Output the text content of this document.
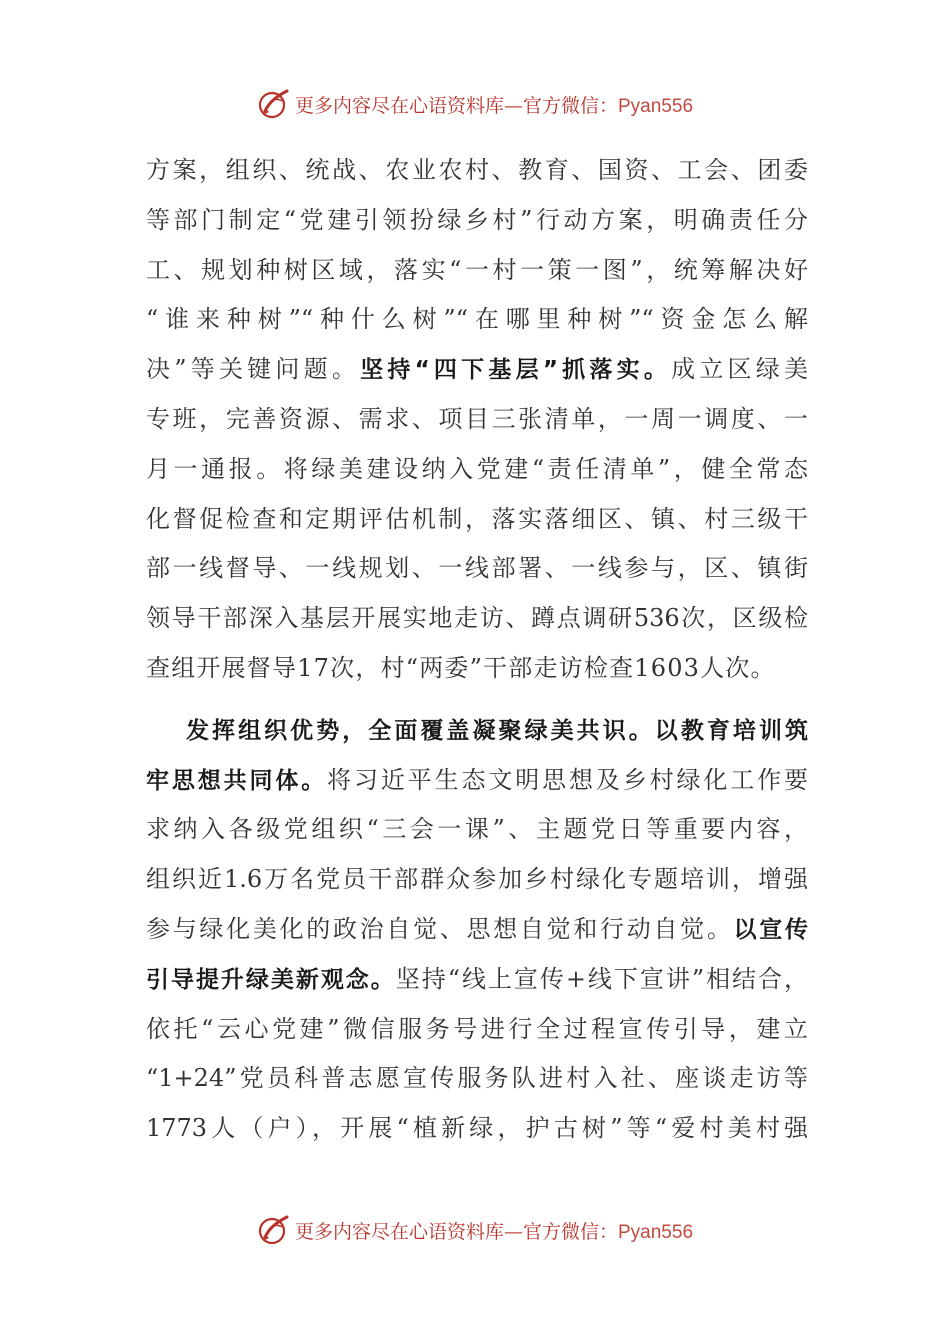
更多内容尽在心语资料库—官方微信：Pyan556
方案，组织、统战、农业农村、教育、国资、工会、团委
等部门制定“党建引领扮绿乡村”行动方案，明确责任分
工、规划种树区域，落实“一村一策一图”，统筹解决好
“谁来种树”“种什么树”“在哪里种树”“资金怎么解
决”等关键问题。坚持“四下基层”抓落实。成立区绿美
专班，完善资源、需求、项目三张清单，一周一调度、一
月一通报。将绿美建设纳入党建“责任清单”，健全常态
化督促检查和定期评估机制，落实落细区、镇、村三级干
部一线督导、一线规划、一线部署、一线参与，区、镇街
领导干部深入基层开展实地走访、蹲点调研536次，区级检
查组开展督导17次，村“两委”干部走访检查1603人次。
发挥组织优势，全面覆盖凝聚绿美共识。以教育培训筑
牢思想共同体。将习近平生态文明思想及乡村绿化工作要
求纳入各级党组织“三会一课”、主题党日等重要内容，
组织近1.6万名党员干部群众参加乡村绿化专题培训，增强
参与绿化美化的政治自觉、思想自觉和行动自觉。以宣传
引导提升绿美新观念。坚持“线上宣传+线下宣讲”相结合，
依托“云心党建”微信服务号进行全过程宣传引导，建立
“1+24”党员科普志愿宣传服务队进村入社、座谈走访等
1773人（户），开展“植新绿，护古树”等“爱村美村强
更多内容尽在心语资料库—官方微信：Pyan556
